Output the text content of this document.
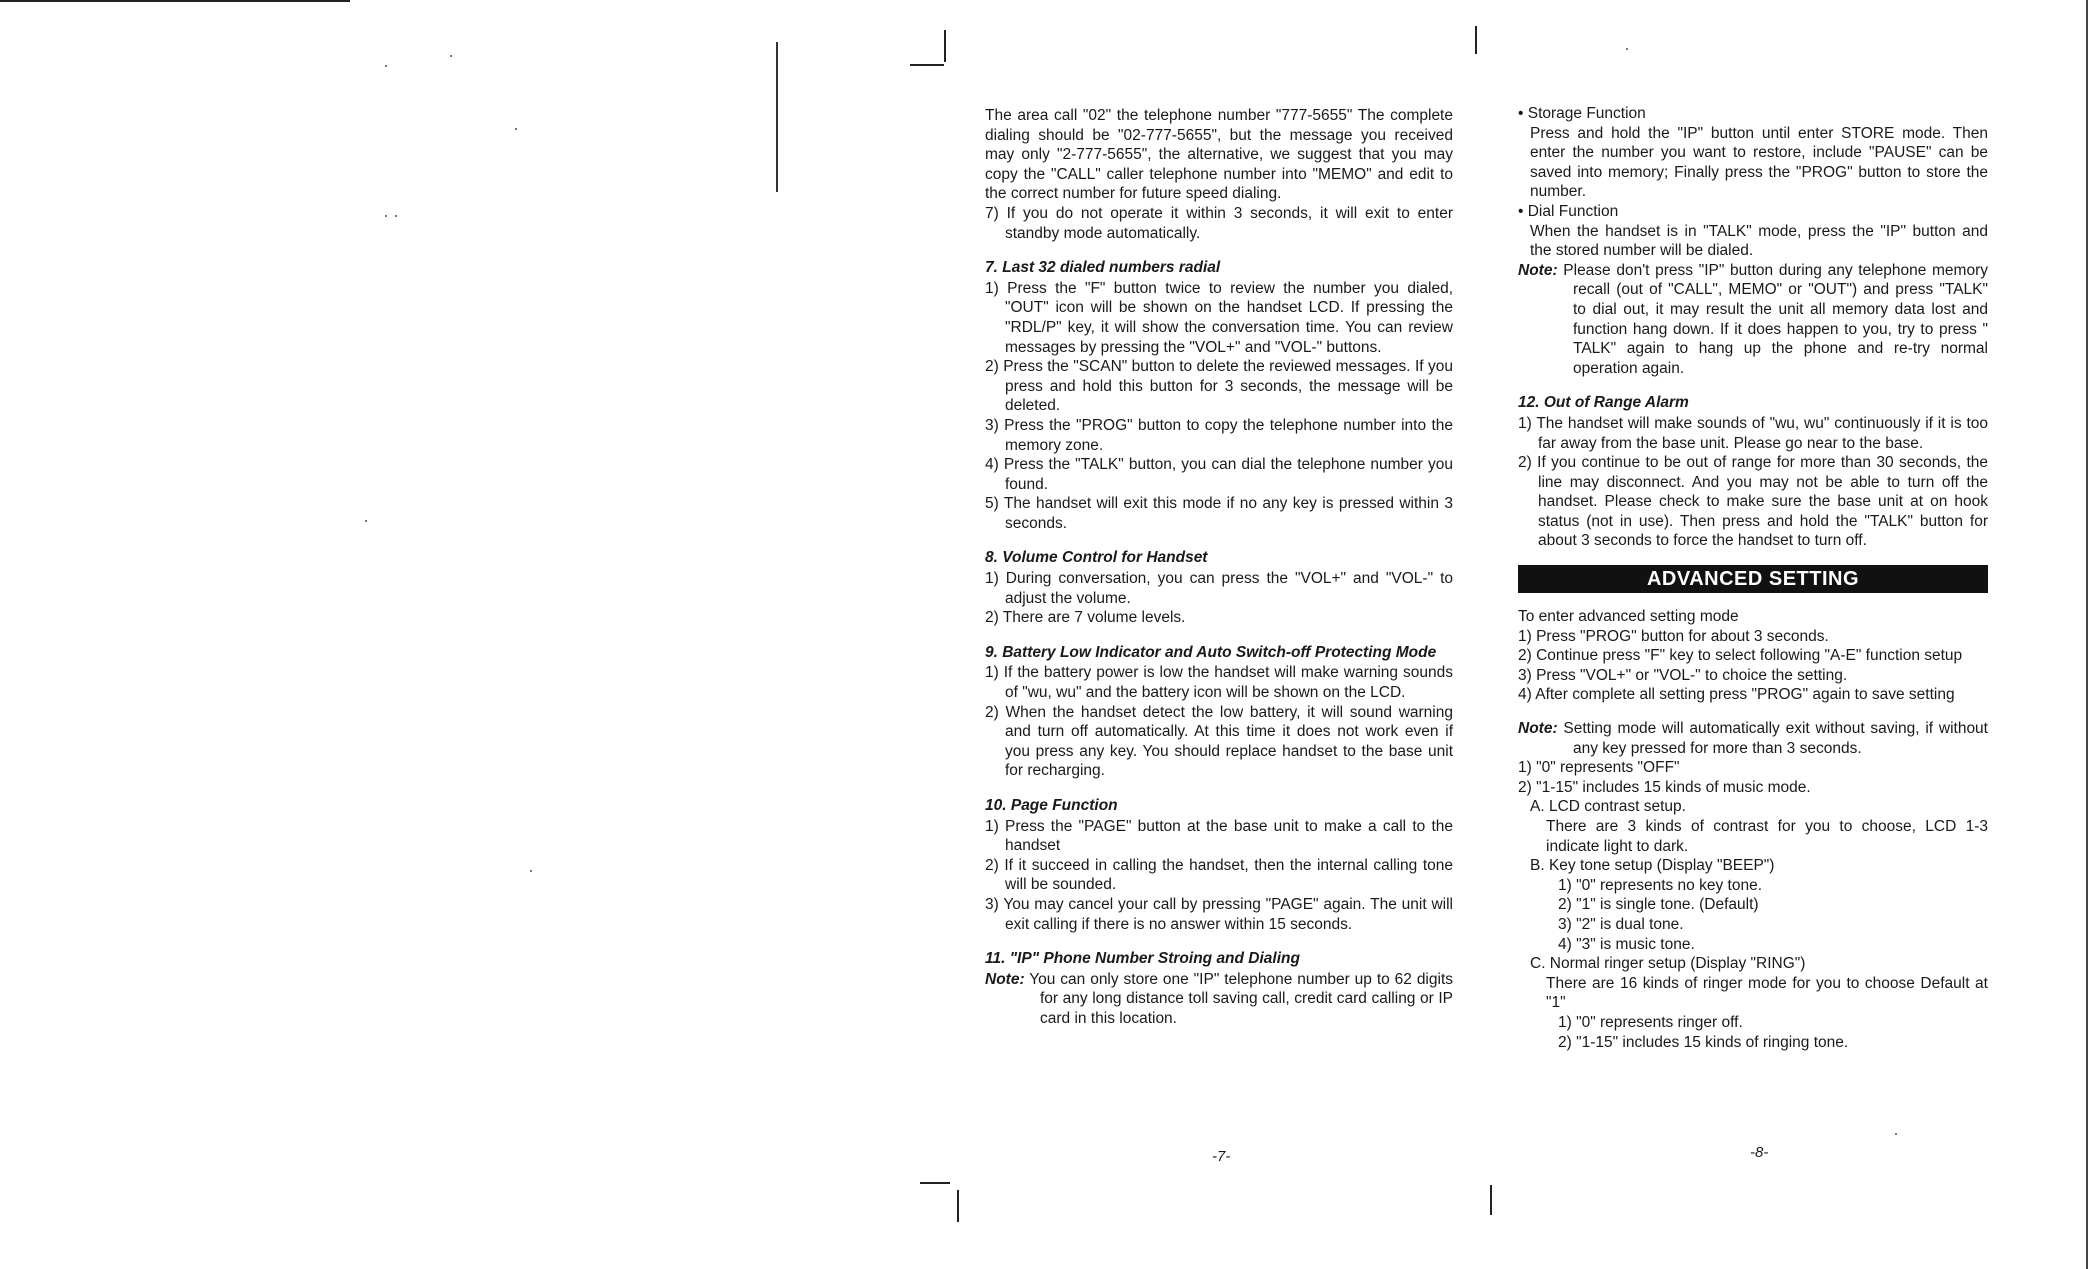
The area call "02" the telephone number "777-5655" The complete dialing should be "02-777-5655", but the message you received may only "2-777-5655", the alternative, we suggest that you may copy the "CALL" caller telephone number into "MEMO" and edit to the correct number for future speed dialing.
7) If you do not operate it within 3 seconds, it will exit to enter standby mode automatically.
7. Last 32 dialed numbers radial
1) Press the "F" button twice to review the number you dialed, "OUT" icon will be shown on the handset LCD. If pressing the "RDL/P" key, it will show the conversation time. You can review messages by pressing the "VOL+" and "VOL-" buttons.
2) Press the "SCAN" button to delete the reviewed messages. If you press and hold this button for 3 seconds, the message will be deleted.
3) Press the "PROG" button to copy the telephone number into the memory zone.
4) Press the "TALK" button, you can dial the telephone number you found.
5) The handset will exit this mode if no any key is pressed within 3 seconds.
8. Volume Control for Handset
1) During conversation, you can press the "VOL+" and "VOL-" to adjust the volume.
2) There are 7 volume levels.
9. Battery Low Indicator and Auto Switch-off Protecting Mode
1) If the battery power is low the handset will make warning sounds of "wu, wu" and the battery icon will be shown on the LCD.
2) When the handset detect the low battery, it will sound warning and turn off automatically. At this time it does not work even if you press any key. You should replace handset to the base unit for recharging.
10. Page Function
1) Press the "PAGE" button at the base unit to make a call to the handset
2) If it succeed in calling the handset, then the internal calling tone will be sounded.
3) You may cancel your call by pressing "PAGE" again. The unit will exit calling if there is no answer within 15 seconds.
11. "IP" Phone Number Stroing and Dialing
Note: You can only store one "IP" telephone number up to 62 digits for any long distance toll saving call, credit card calling or IP card in this location.
-7-
• Storage Function
Press and hold the "IP" button until enter STORE mode. Then enter the number you want to restore, include "PAUSE" can be saved into memory; Finally press the "PROG" button to store the number.
• Dial Function
When the handset is in "TALK" mode, press the "IP" button and the stored number will be dialed.
Note: Please don't press "IP" button during any telephone memory recall (out of "CALL", MEMO" or "OUT") and press "TALK" to dial out, it may result the unit all memory data lost and function hang down. If it does happen to you, try to press " TALK" again to hang up the phone and re-try normal operation again.
12. Out of Range Alarm
1) The handset will make sounds of "wu, wu" continuously if it is too far away from the base unit. Please go near to the base.
2) If you continue to be out of range for more than 30 seconds, the line may disconnect. And you may not be able to turn off the handset. Please check to make sure the base unit at on hook status (not in use). Then press and hold the "TALK" button for about 3 seconds to force the handset to turn off.
ADVANCED SETTING
To enter advanced setting mode
1) Press "PROG" button for about 3 seconds.
2) Continue press "F" key to select following "A-E" function setup
3) Press "VOL+" or "VOL-" to choice the setting.
4) After complete all setting press "PROG" again to save setting
Note: Setting mode will automatically exit without saving, if without any key pressed for more than 3 seconds.
1) "0" represents "OFF"
2) "1-15" includes 15 kinds of music mode.
A. LCD contrast setup.
There are 3 kinds of contrast for you to choose, LCD 1-3 indicate light to dark.
B. Key tone setup (Display "BEEP")
1) "0" represents no key tone.
2) "1" is single tone. (Default)
3) "2" is dual tone.
4) "3" is music tone.
C. Normal ringer setup (Display "RING")
There are 16 kinds of ringer mode for you to choose Default at "1"
1) "0" represents ringer off.
2) "1-15" includes 15 kinds of ringing tone.
-8-
